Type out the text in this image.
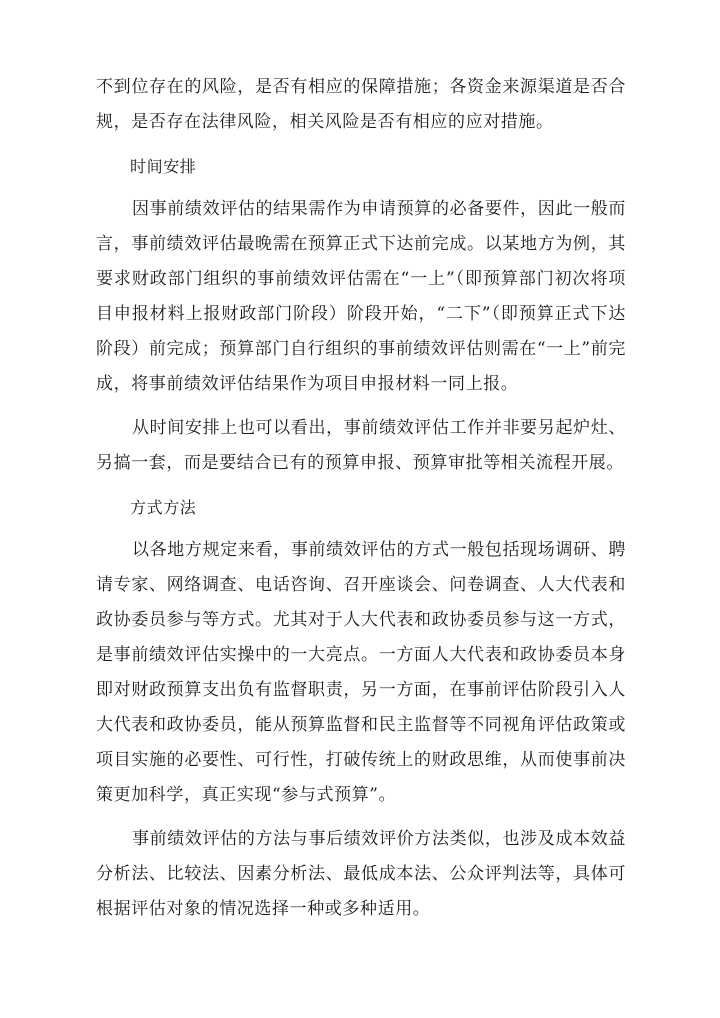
不到位存在的风险，是否有相应的保障措施；各资金来源渠道是否合规，是否存在法律风险，相关风险是否有相应的应对措施。

时间安排

因事前绩效评估的结果需作为申请预算的必备要件，因此一般而言，事前绩效评估最晚需在预算正式下达前完成。以某地方为例，其要求财政部门组织的事前绩效评估需在“一上”（即预算部门初次将项目申报材料上报财政部门阶段）阶段开始，“二下”（即预算正式下达阶段）前完成；预算部门自行组织的事前绩效评估则需在“一上”前完成，将事前绩效评估结果作为项目申报材料一同上报。

从时间安排上也可以看出，事前绩效评估工作并非要另起炉灶、另搞一套，而是要结合已有的预算申报、预算审批等相关流程开展。

方式方法

以各地方规定来看，事前绩效评估的方式一般包括现场调研、聘请专家、网络调查、电话咨询、召开座谈会、问卷调查、人大代表和政协委员参与等方式。尤其对于人大代表和政协委员参与这一方式，是事前绩效评估实操中的一大亮点。一方面人大代表和政协委员本身即对财政预算支出负有监督职责，另一方面，在事前评估阶段引入人大代表和政协委员，能从预算监督和民主监督等不同视角评估政策或项目实施的必要性、可行性，打破传统上的财政思维，从而使事前决策更加科学，真正实现“参与式预算”。

事前绩效评估的方法与事后绩效评价方法类似，也涉及成本效益分析法、比较法、因素分析法、最低成本法、公众评判法等，具体可根据评估对象的情况选择一种或多种适用。
